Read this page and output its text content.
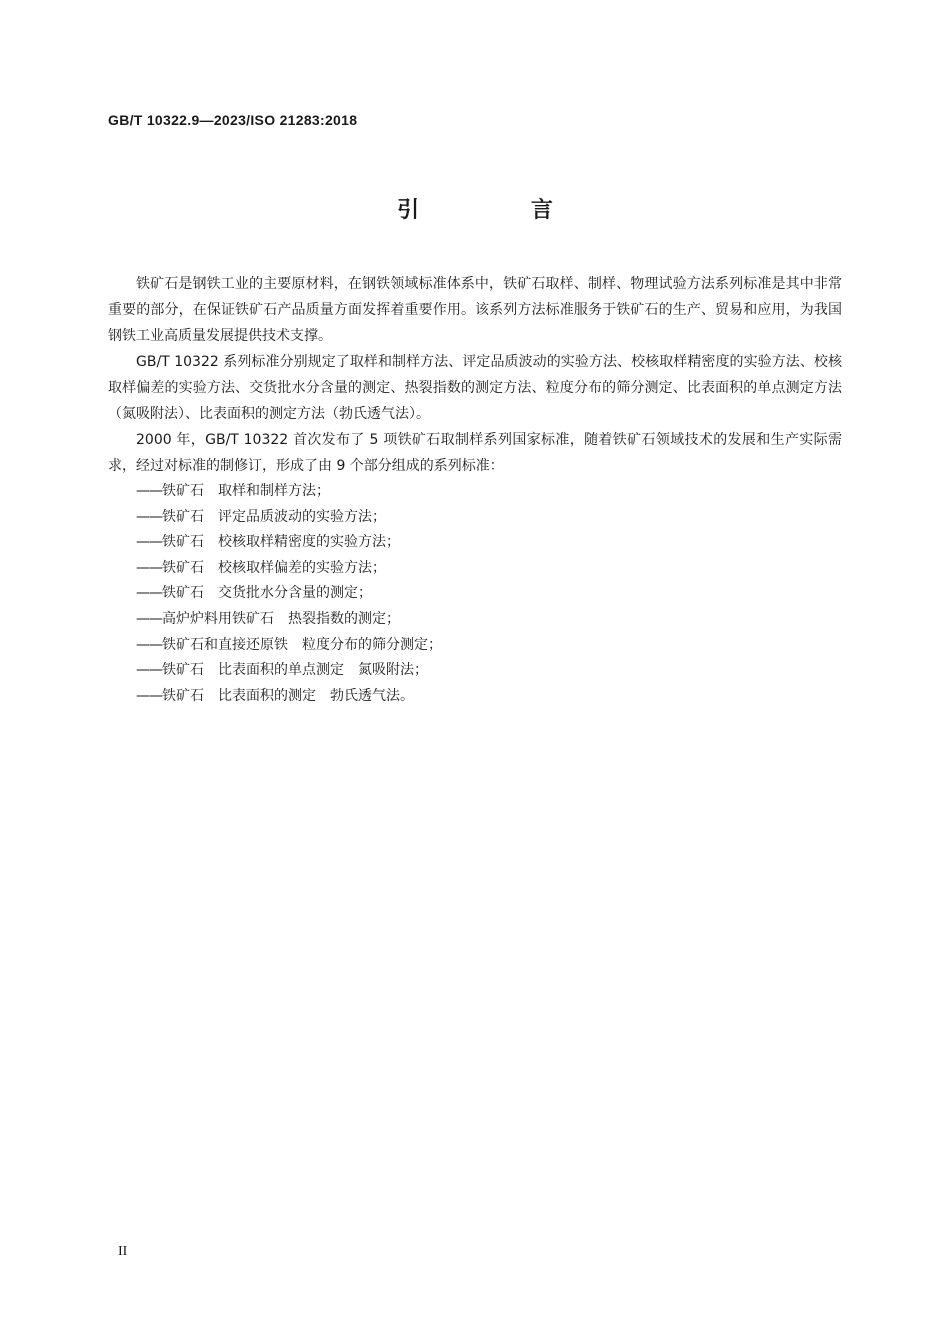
GB/T 10322.9—2023/ISO 21283:2018
引 言

铁矿石是钢铁工业的主要原材料，在钢铁领域标准体系中，铁矿石取样、制样、物理试验方法系列标准是其中非常重要的部分，在保证铁矿石产品质量方面发挥着重要作用。该系列方法标准服务于铁矿石的生产、贸易和应用，为我国钢铁工业高质量发展提供技术支撑。

GB/T 10322 系列标准分别规定了取样和制样方法、评定品质波动的实验方法、校核取样精密度的实验方法、校核取样偏差的实验方法、交货批水分含量的测定、热裂指数的测定方法、粒度分布的筛分测定、比表面积的单点测定方法（氮吸附法）、比表面积的测定方法（勃氏透气法）。

2000 年，GB/T 10322 首次发布了 5 项铁矿石取制样系列国家标准，随着铁矿石领域技术的发展和生产实际需求，经过对标准的制修订，形成了由 9 个部分组成的系列标准：

——铁矿石　取样和制样方法；
——铁矿石　评定品质波动的实验方法；
——铁矿石　校核取样精密度的实验方法；
——铁矿石　校核取样偏差的实验方法；
——铁矿石　交货批水分含量的测定；
——高炉炉料用铁矿石　热裂指数的测定；
——铁矿石和直接还原铁　粒度分布的筛分测定；
——铁矿石　比表面积的单点测定　氮吸附法；
——铁矿石　比表面积的测定　勃氏透气法。
II
